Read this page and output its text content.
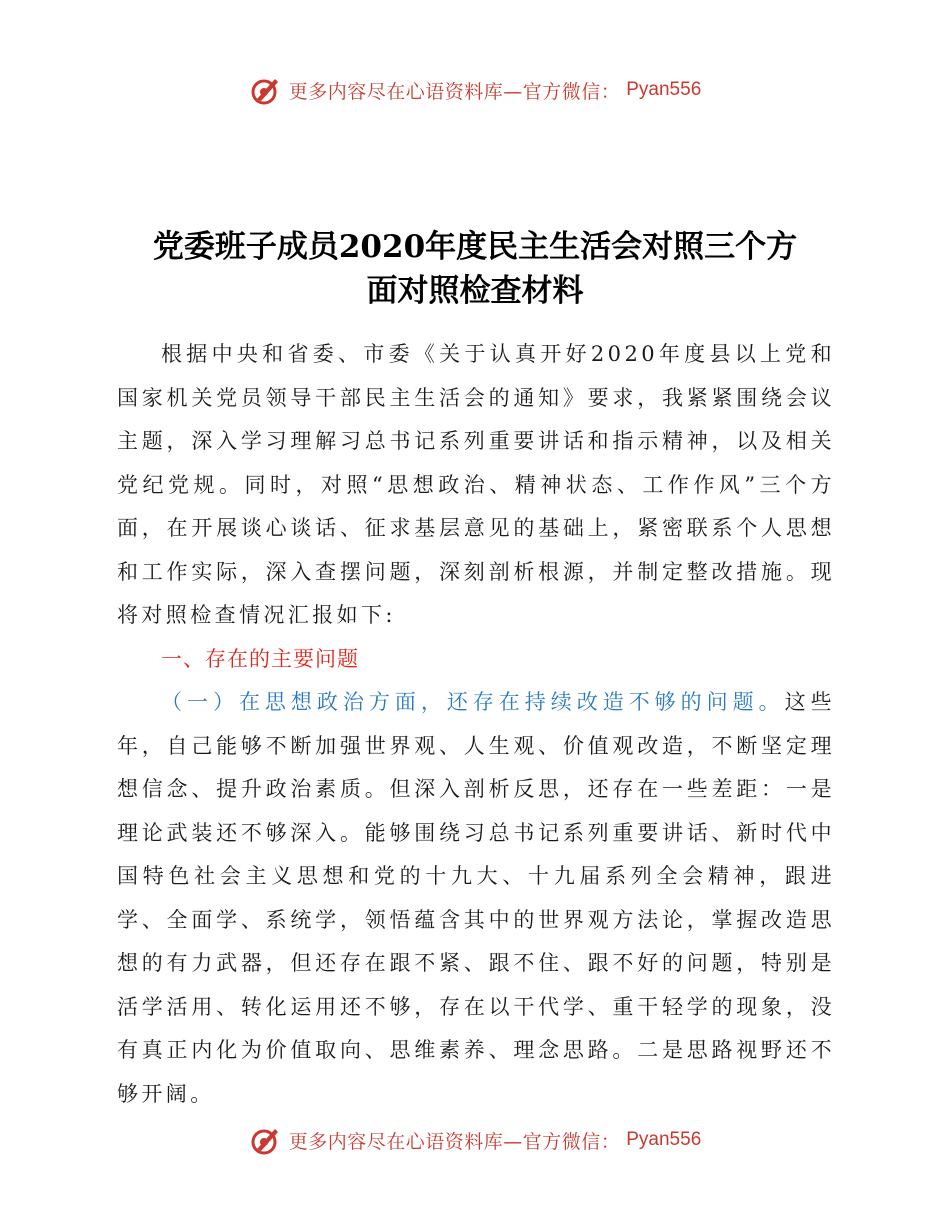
更多内容尽在心语资料库—官方微信： Pyan556
党委班子成员2020年度民主生活会对照三个方
面对照检查材料

根据中央和省委、市委《关于认真开好2020年度县以上党和国家机关党员领导干部民主生活会的通知》要求，我紧紧围绕会议主题，深入学习理解习总书记系列重要讲话和指示精神，以及相关党纪党规。同时，对照“思想政治、精神状态、工作作风”三个方面，在开展谈心谈话、征求基层意见的基础上，紧密联系个人思想和工作实际，深入查摆问题，深刻剖析根源，并制定整改措施。现将对照检查情况汇报如下:

一、存在的主要问题

（一）在思想政治方面，还存在持续改造不够的问题。这些年，自己能够不断加强世界观、人生观、价值观改造，不断坚定理想信念、提升政治素质。但深入剖析反思，还存在一些差距：一是理论武装还不够深入。能够围绕习总书记系列重要讲话、新时代中国特色社会主义思想和党的十九大、十九届系列全会精神，跟进学、全面学、系统学，领悟蕴含其中的世界观方法论，掌握改造思想的有力武器，但还存在跟不紧、跟不住、跟不好的问题，特别是活学活用、转化运用还不够，存在以干代学、重干轻学的现象，没有真正内化为价值取向、思维素养、理念思路。二是思路视野还不够开阔。

更多内容尽在心语资料库—官方微信： Pyan556
